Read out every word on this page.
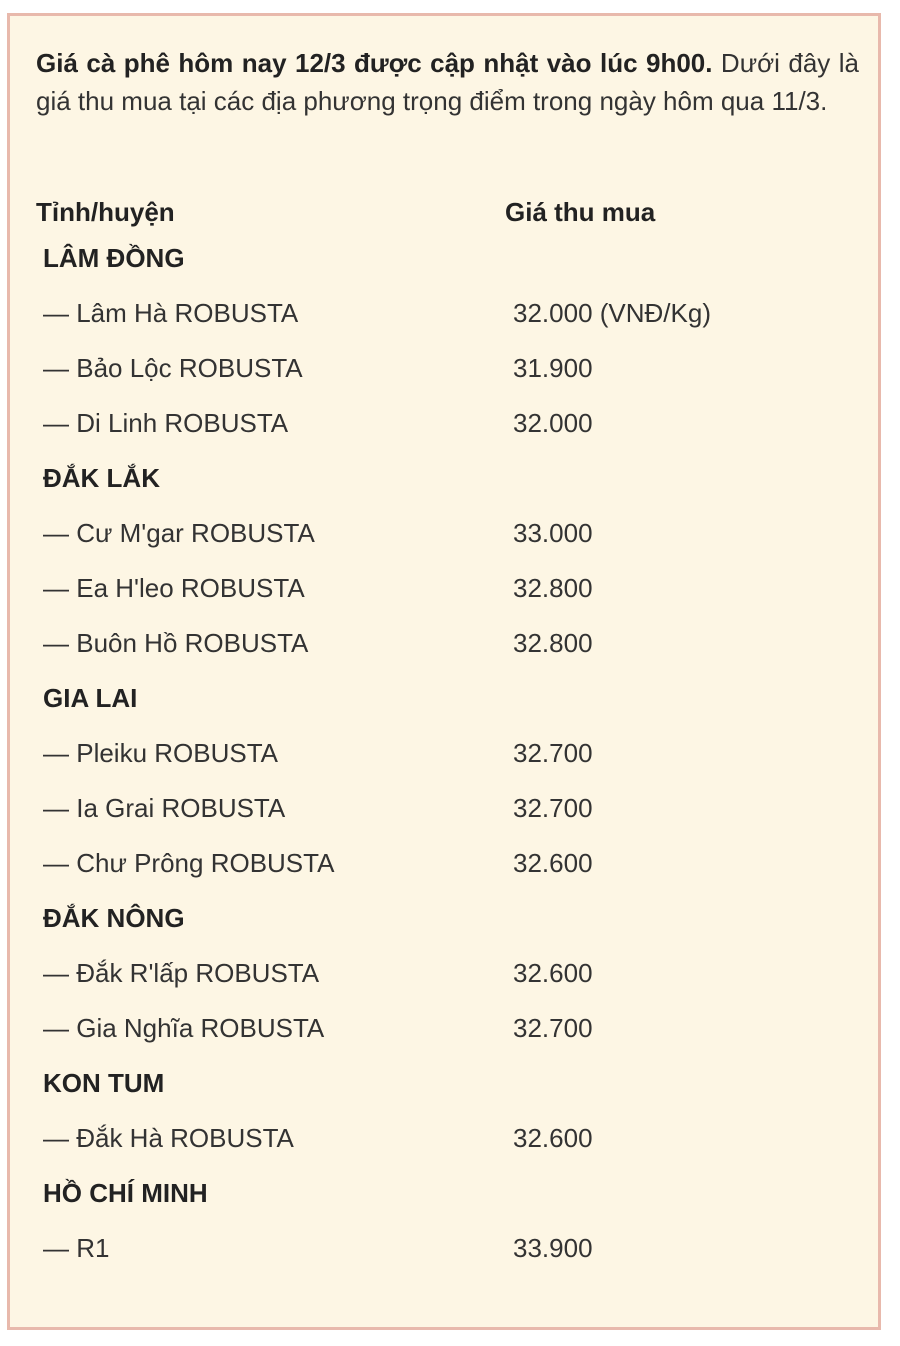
Giá cà phê hôm nay 12/3 được cập nhật vào lúc 9h00. Dưới đây là giá thu mua tại các địa phương trọng điểm trong ngày hôm qua 11/3.

Tỉnh/huyện	Giá thu mua
LÂM ĐỒNG
— Lâm Hà ROBUSTA	32.000 (VNĐ/Kg)
— Bảo Lộc ROBUSTA	31.900
— Di Linh ROBUSTA	32.000
ĐẮK LẮK
— Cư M'gar ROBUSTA	33.000
— Ea H'leo ROBUSTA	32.800
— Buôn Hồ ROBUSTA	32.800
GIA LAI
— Pleiku ROBUSTA	32.700
— Ia Grai ROBUSTA	32.700
— Chư Prông ROBUSTA	32.600
ĐẮK NÔNG
— Đắk R'lấp ROBUSTA	32.600
— Gia Nghĩa ROBUSTA	32.700
KON TUM
— Đắk Hà ROBUSTA	32.600
HỒ CHÍ MINH
— R1	33.900
